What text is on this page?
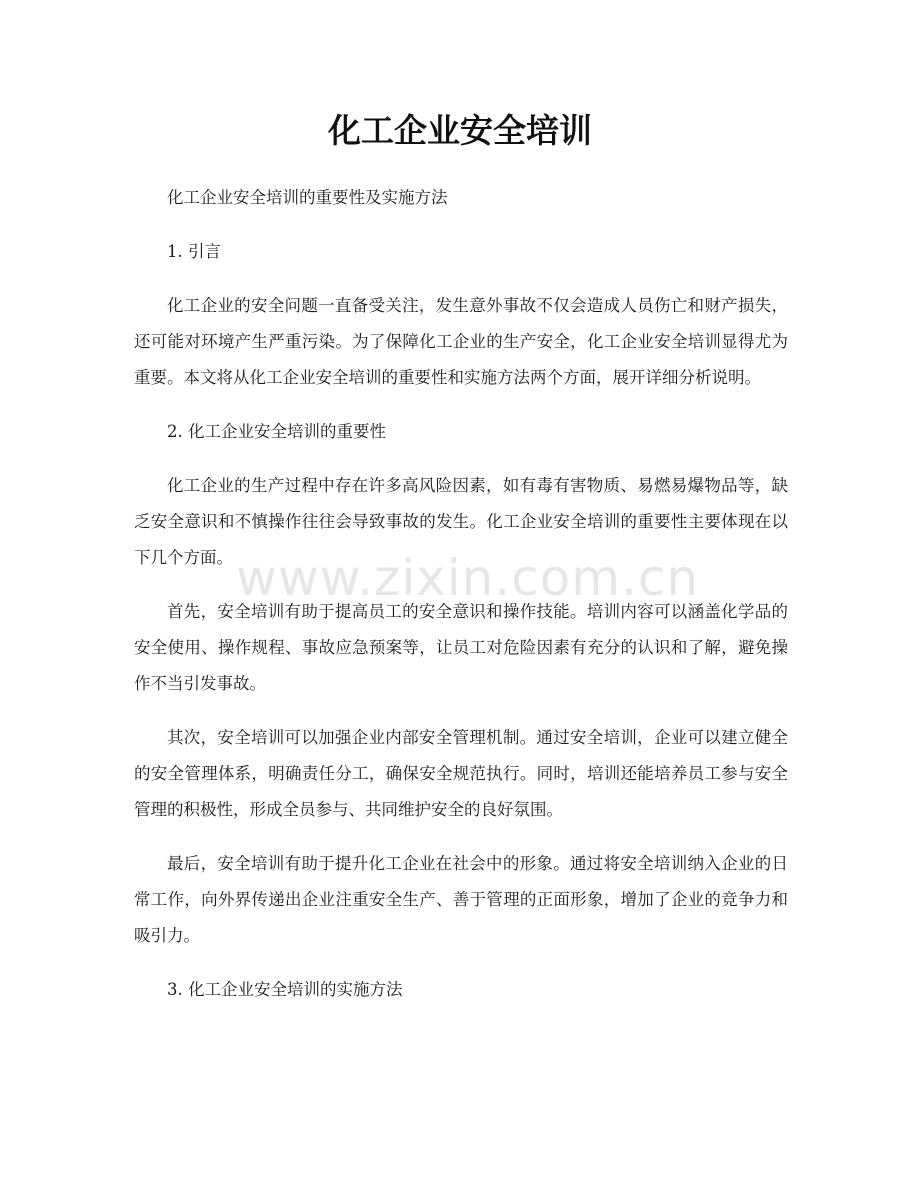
化工企业安全培训

化工企业安全培训的重要性及实施方法

1. 引言

化工企业的安全问题一直备受关注，发生意外事故不仅会造成人员伤亡和财产损失，还可能对环境产生严重污染。为了保障化工企业的生产安全，化工企业安全培训显得尤为重要。本文将从化工企业安全培训的重要性和实施方法两个方面，展开详细分析说明。

2. 化工企业安全培训的重要性

化工企业的生产过程中存在许多高风险因素，如有毒有害物质、易燃易爆物品等，缺乏安全意识和不慎操作往往会导致事故的发生。化工企业安全培训的重要性主要体现在以下几个方面。

首先，安全培训有助于提高员工的安全意识和操作技能。培训内容可以涵盖化学品的安全使用、操作规程、事故应急预案等，让员工对危险因素有充分的认识和了解，避免操作不当引发事故。

其次，安全培训可以加强企业内部安全管理机制。通过安全培训，企业可以建立健全的安全管理体系，明确责任分工，确保安全规范执行。同时，培训还能培养员工参与安全管理的积极性，形成全员参与、共同维护安全的良好氛围。

最后，安全培训有助于提升化工企业在社会中的形象。通过将安全培训纳入企业的日常工作，向外界传递出企业注重安全生产、善于管理的正面形象，增加了企业的竞争力和吸引力。

3. 化工企业安全培训的实施方法

www.zixin.com.cn
